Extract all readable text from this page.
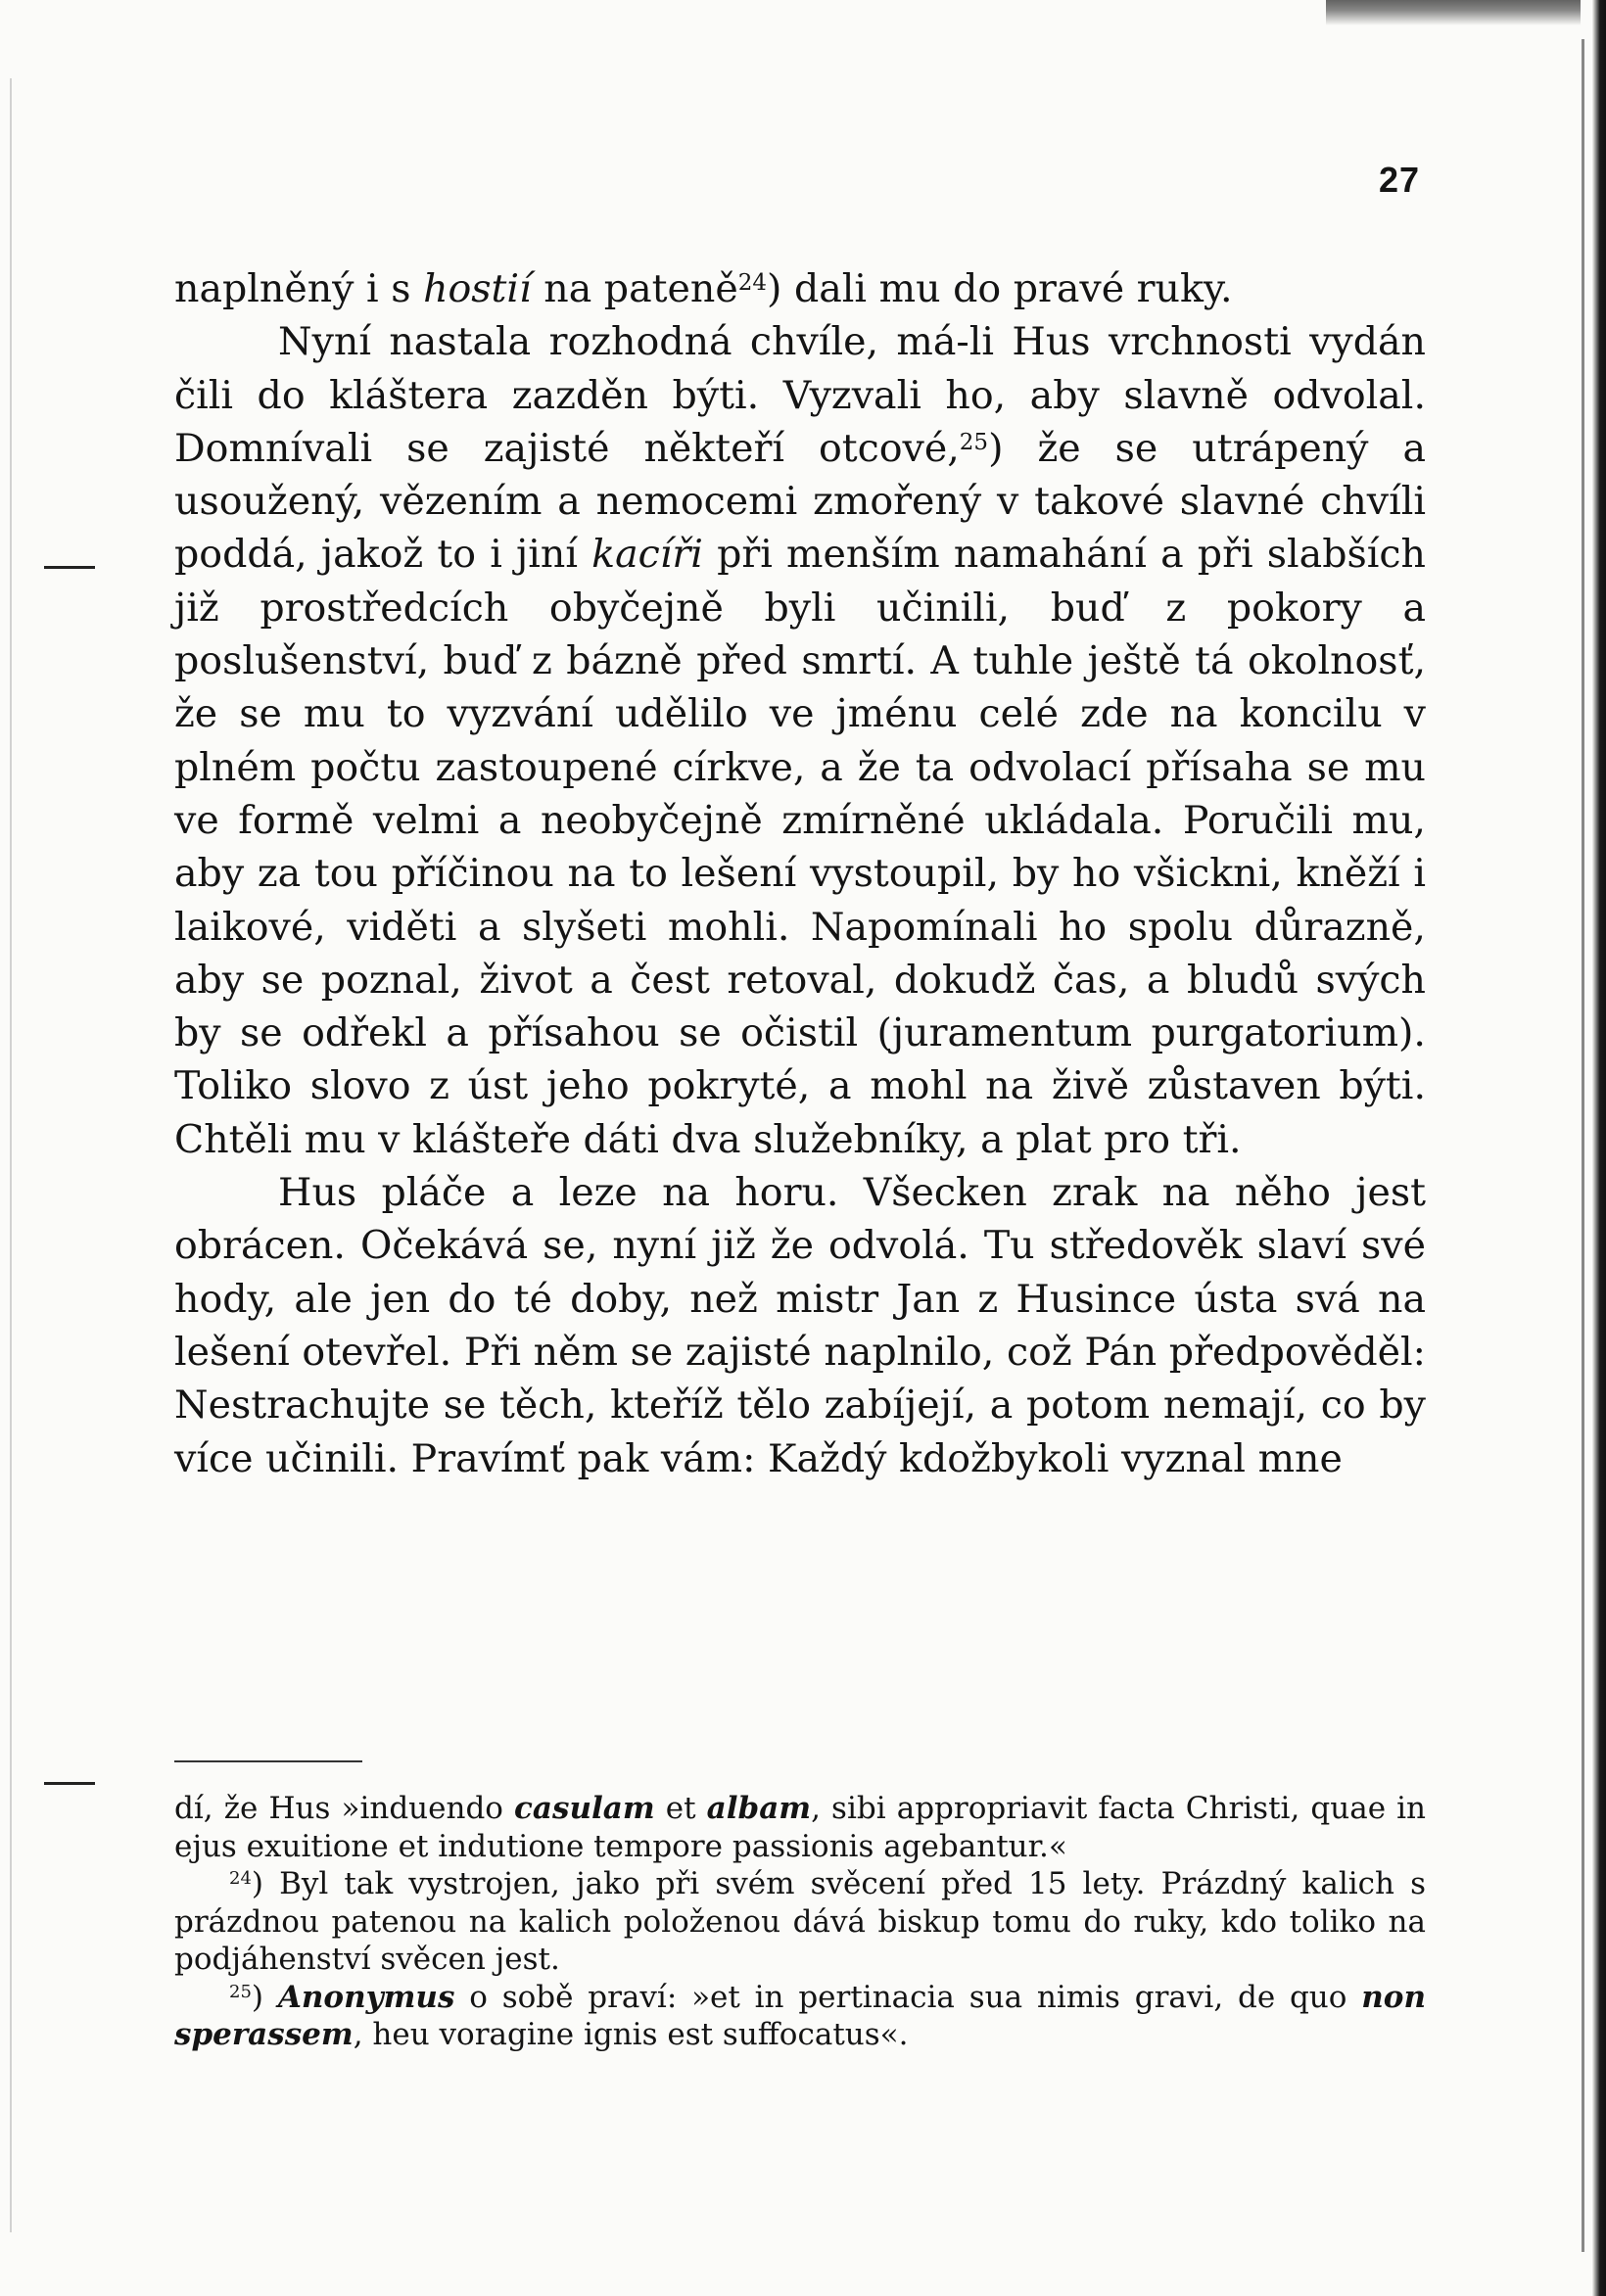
27

naplněný i s hostií na pateně$^{24}$) dali mu do pravé ruky.

Nyní nastala rozhodná chvíle, má-li Hus vrchnosti vydán čili do kláštera zazděn býti. Vyzvali ho, aby slavně odvolal. Domnívali se zajisté někteří otcové,$^{25}$) že se utrápený a usoužený, vězením a nemocemi zmořený v takové slavné chvíli poddá, jakož to i jiní kacíři při menším namahání a při slabších již prostředcích obyčejně byli učinili, buď z pokory a poslušenství, buď z bázně před smrtí. A tuhle ještě tá okolnosť, že se mu to vyzvání udělilo ve jménu celé zde na koncilu v plném počtu zastoupené církve, a že ta odvolací přísaha se mu ve formě velmi a neobyčejně zmírněné ukládala. Poručili mu, aby za tou příčinou na to lešení vystoupil, by ho všickni, kněží i laikové, viděti a slyšeti mohli. Napomínali ho spolu důrazně, aby se poznal, život a čest retoval, dokudž čas, a bludů svých by se odřekl a přísahou se očistil (juramentum purgatorium). Toliko slovo z úst jeho pokryté, a mohl na živě zůstaven býti. Chtěli mu v klášteře dáti dva služebníky, a plat pro tři.

Hus pláče a leze na horu. Všecken zrak na něho jest obrácen. Očekává se, nyní již že odvolá. Tu středověk slaví své hody, ale jen do té doby, než mistr Jan z Husince ústa svá na lešení otevřel. Při něm se zajisté naplnilo, což Pán předpověděl: Nestrachujte se těch, kteříž tělo zabíjejí, a potom nemají, co by více učinili. Pravímť pak vám: Každý kdožbykoli vyznal mne

dí, že Hus »induendo casulam et albam, sibi appropriavit facta Christi, quae in ejus exuitione et indutione tempore passionis agebantur.«

$^{24}$) Byl tak vystrojen, jako při svém svěcení před 15 lety. Prázdný kalich s prázdnou patenou na kalich položenou dává biskup tomu do ruky, kdo toliko na podjáhenství svěcen jest.

$^{25}$) Anonymus o sobě praví: »et in pertinacia sua nimis gravi, de quo non sperassem, heu voragine ignis est suffocatus«.
